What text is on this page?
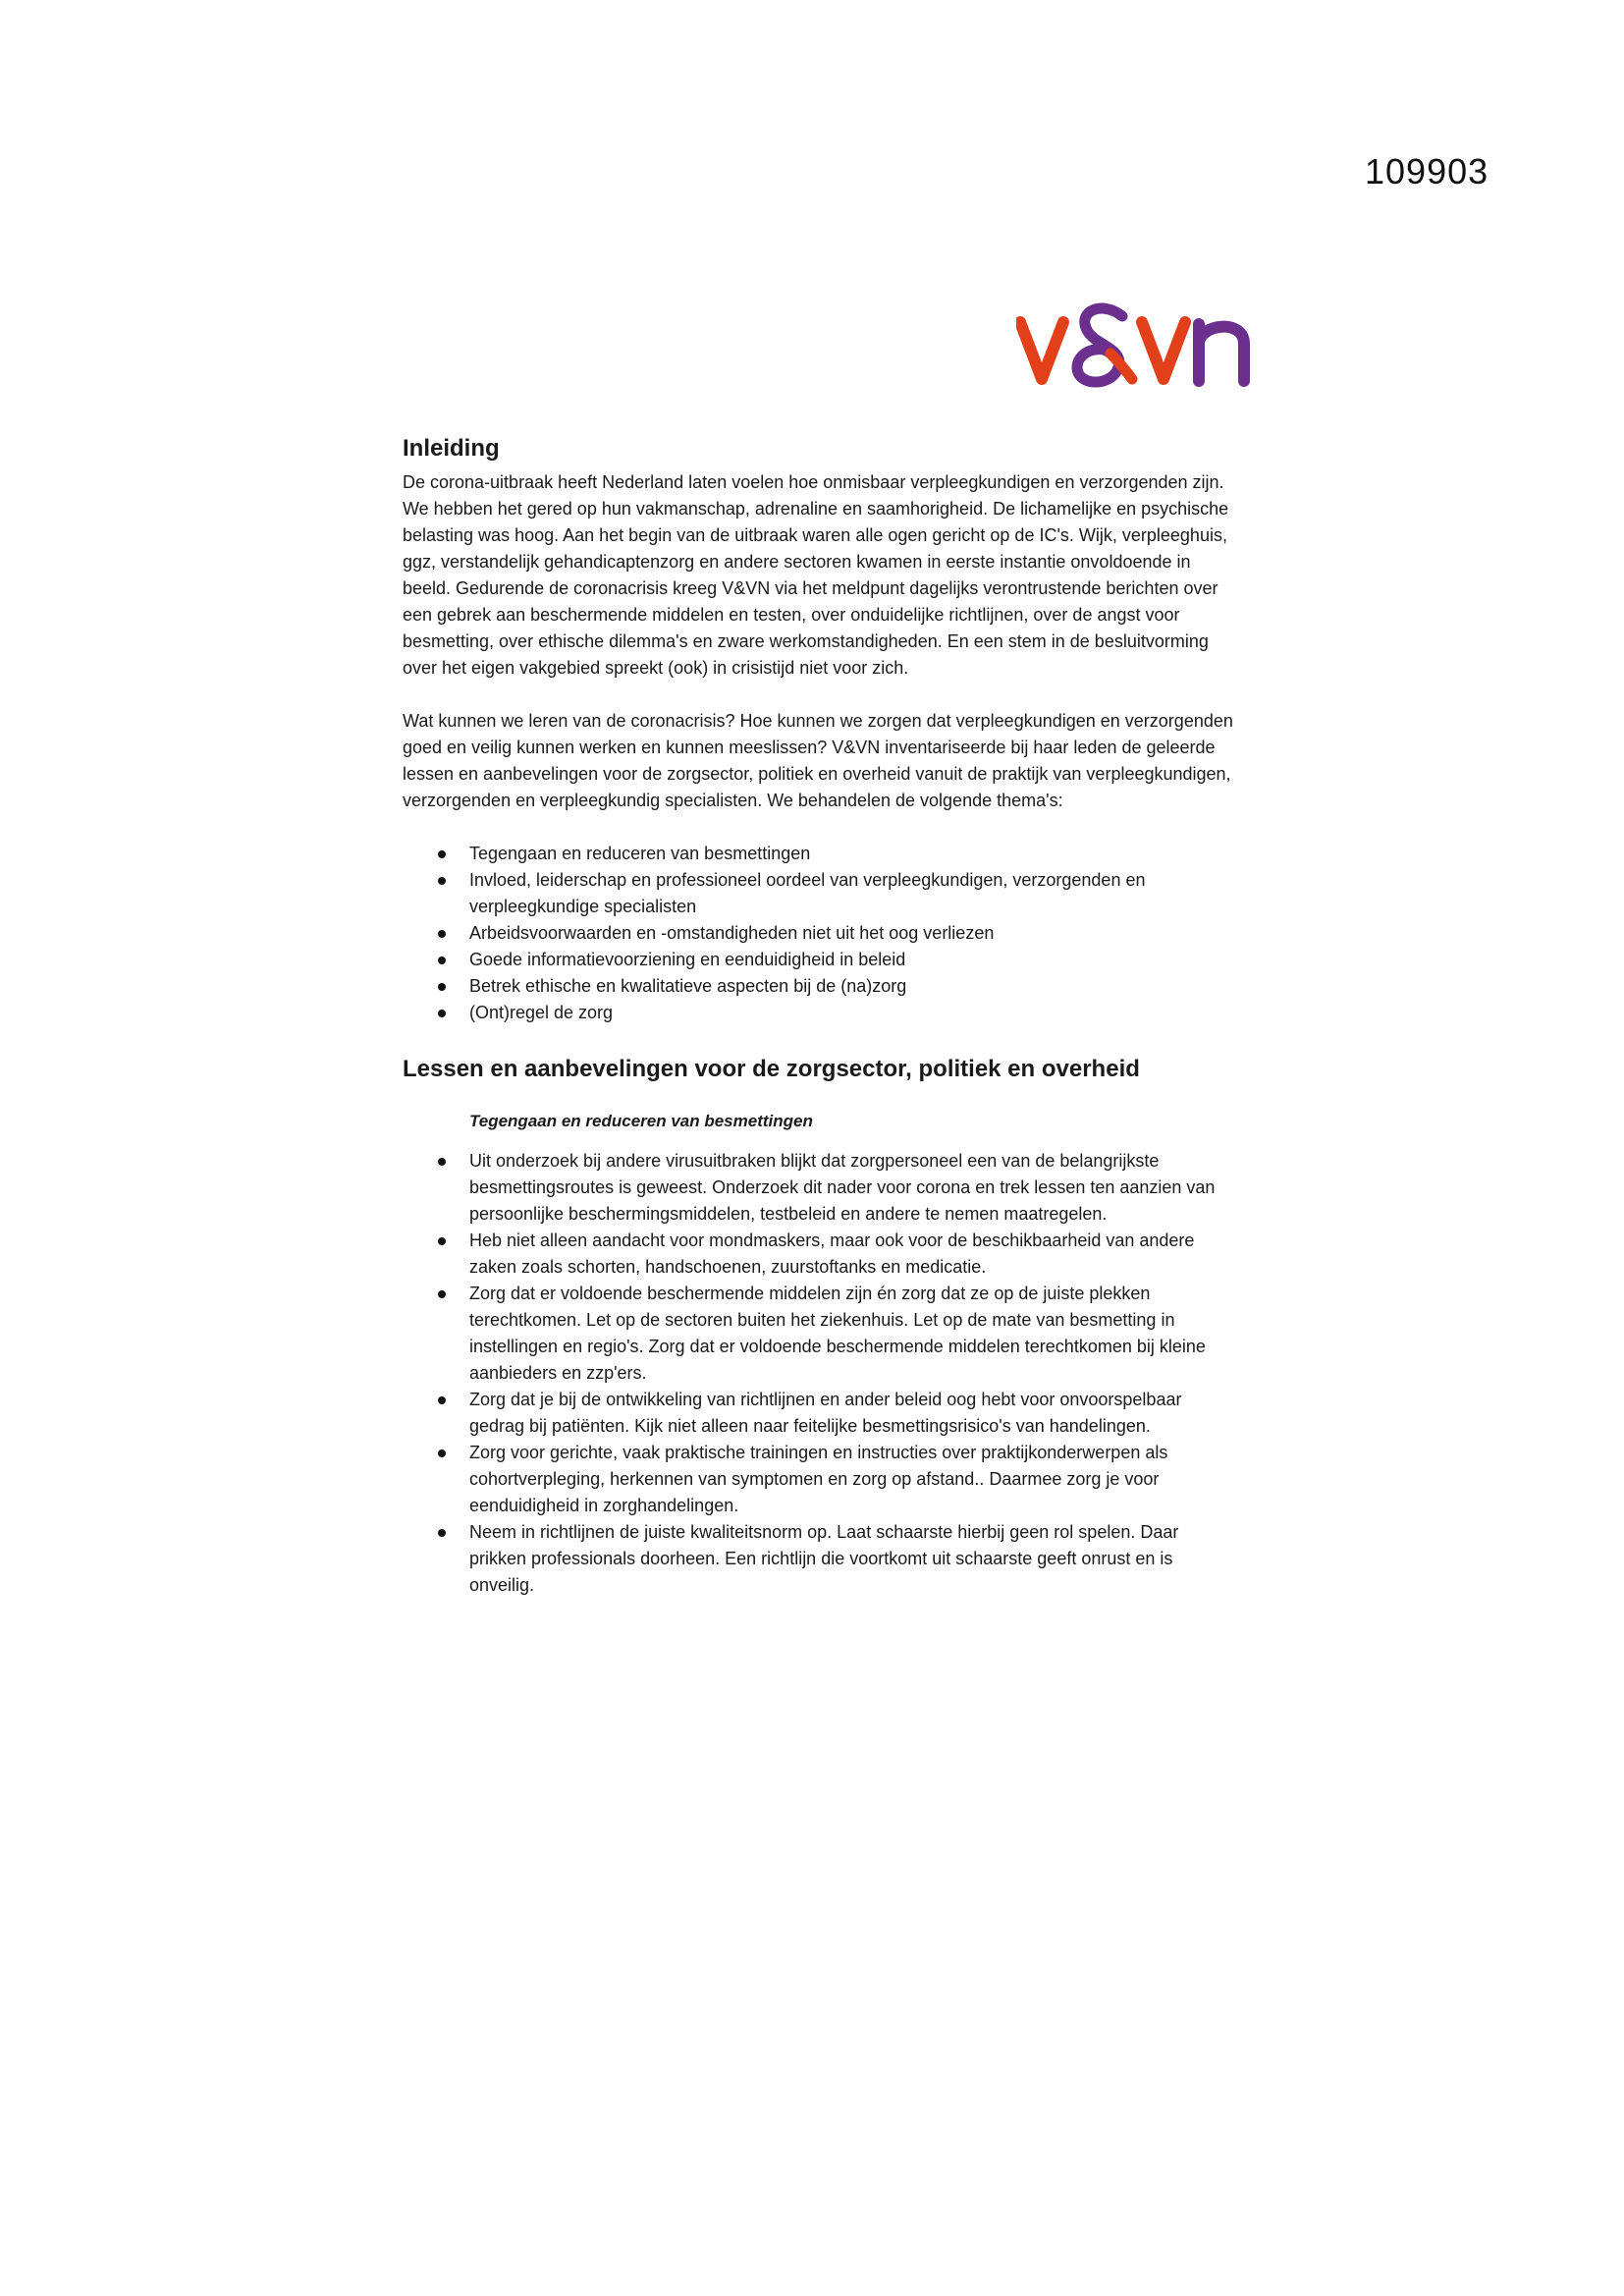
109903
Inleiding

De corona-uitbraak heeft Nederland laten voelen hoe onmisbaar verpleegkundigen en verzorgenden zijn. We hebben het gered op hun vakmanschap, adrenaline en saamhorigheid. De lichamelijke en psychische belasting was hoog. Aan het begin van de uitbraak waren alle ogen gericht op de IC's. Wijk, verpleeghuis, ggz, verstandelijk gehandicaptenzorg en andere sectoren kwamen in eerste instantie onvoldoende in beeld. Gedurende de coronacrisis kreeg V&VN via het meldpunt dagelijks verontrustende berichten over een gebrek aan beschermende middelen en testen, over onduidelijke richtlijnen, over de angst voor besmetting, over ethische dilemma's en zware werkomstandigheden. En een stem in de besluitvorming over het eigen vakgebied spreekt (ook) in crisistijd niet voor zich.

Wat kunnen we leren van de coronacrisis? Hoe kunnen we zorgen dat verpleegkundigen en verzorgenden goed en veilig kunnen werken en kunnen meeslissen? V&VN inventariseerde bij haar leden de geleerde lessen en aanbevelingen voor de zorgsector, politiek en overheid vanuit de praktijk van verpleegkundigen, verzorgenden en verpleegkundig specialisten. We behandelen de volgende thema's:

Tegengaan en reduceren van besmettingen
Invloed, leiderschap en professioneel oordeel van verpleegkundigen, verzorgenden en verpleegkundige specialisten
Arbeidsvoorwaarden en -omstandigheden niet uit het oog verliezen
Goede informatievoorziening en eenduidigheid in beleid
Betrek ethische en kwalitatieve aspecten bij de (na)zorg
(Ont)regel de zorg
Lessen en aanbevelingen voor de zorgsector, politiek en overheid
Tegengaan en reduceren van besmettingen
Uit onderzoek bij andere virusuitbraken blijkt dat zorgpersoneel een van de belangrijkste besmettingsroutes is geweest. Onderzoek dit nader voor corona en trek lessen ten aanzien van persoonlijke beschermingsmiddelen, testbeleid en andere te nemen maatregelen.
Heb niet alleen aandacht voor mondmaskers, maar ook voor de beschikbaarheid van andere zaken zoals schorten, handschoenen, zuurstoftanks en medicatie.
Zorg dat er voldoende beschermende middelen zijn én zorg dat ze op de juiste plekken terechtkomen. Let op de sectoren buiten het ziekenhuis. Let op de mate van besmetting in instellingen en regio's. Zorg dat er voldoende beschermende middelen terechtkomen bij kleine aanbieders en zzp'ers.
Zorg dat je bij de ontwikkeling van richtlijnen en ander beleid oog hebt voor onvoorspelbaar gedrag bij patiënten. Kijk niet alleen naar feitelijke besmettingsrisico's van handelingen.
Zorg voor gerichte, vaak praktische trainingen en instructies over praktijkonderwerpen als cohortverpleging, herkennen van symptomen en zorg op afstand.. Daarmee zorg je voor eenduidigheid in zorghandelingen.
Neem in richtlijnen de juiste kwaliteitsnorm op. Laat schaarste hierbij geen rol spelen. Daar prikken professionals doorheen. Een richtlijn die voortkomt uit schaarste geeft onrust en is onveilig.
